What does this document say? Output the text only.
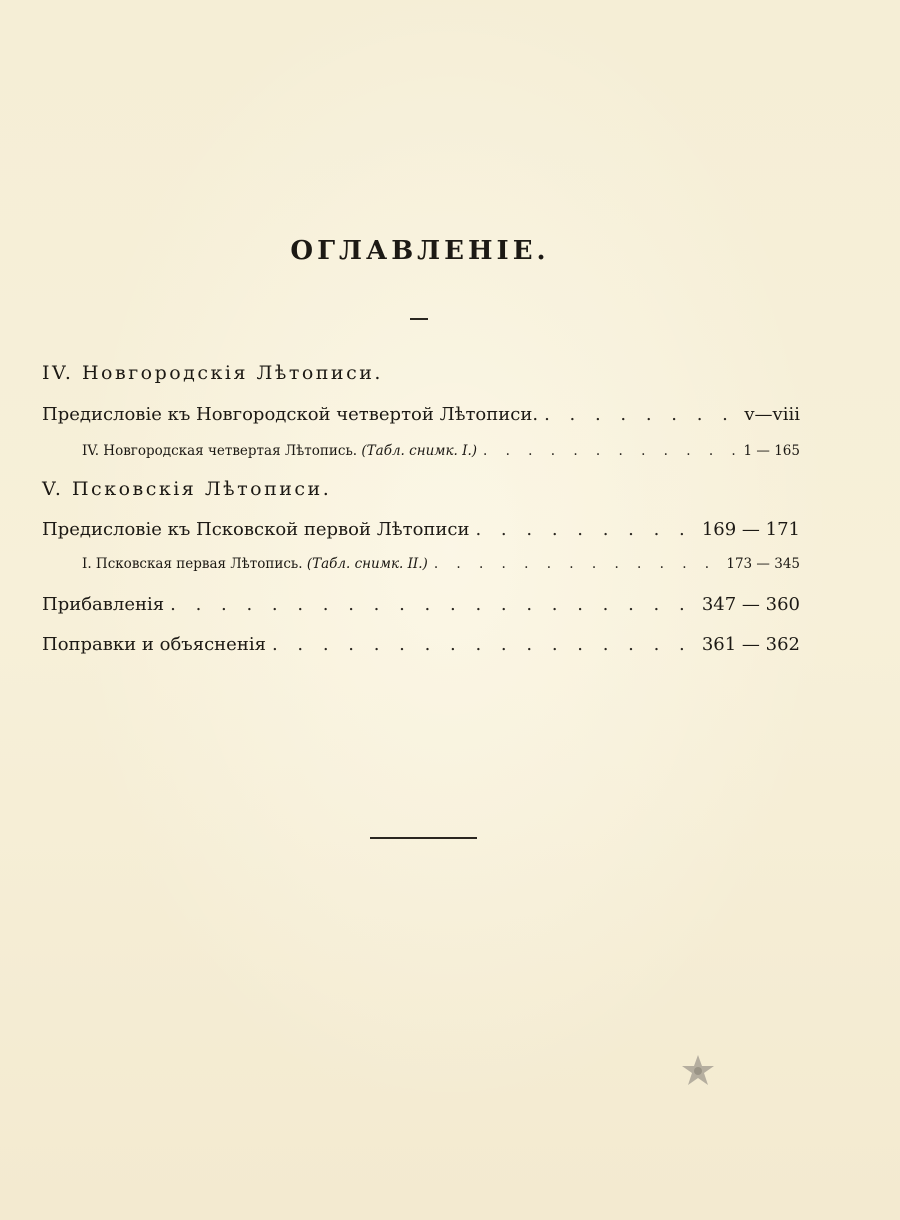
ОГЛАВЛЕНІЕ.
IV. Новгородскія Лѣтописи.
Предисловіе къ Новгородской четвертой Лѣтописи. . . .	v—viii
IV. Новгородская четвертая Лѣтопись. (Табл. снимк. I.) . . .	1 — 165
V. Псковскія Лѣтописи.
Предисловіе къ Псковской первой Лѣтописи . . .	169 — 171
I. Псковская первая Лѣтопись. (Табл. снимк. II.) . . .	173 — 345
Прибавленія . . .	347 — 360
Поправки и объясненія . . .	361 — 362
